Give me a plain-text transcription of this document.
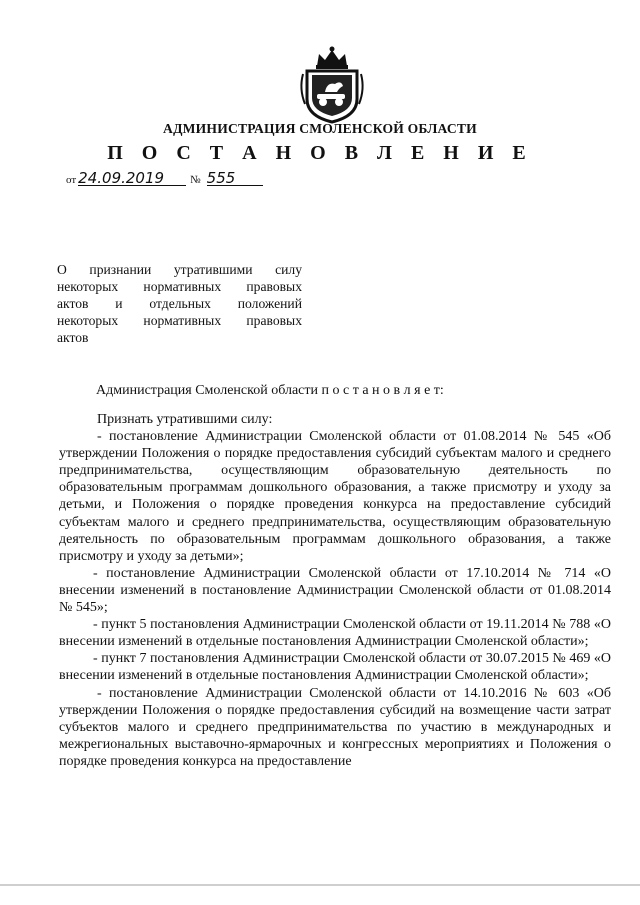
АДМИНИСТРАЦИЯ СМОЛЕНСКОЙ ОБЛАСТИ
П О С Т А Н О В Л Е Н И Е
от 24.09.2019 № 555
О признании утратившими силу
некоторых нормативных правовых
актов и отдельных положений
некоторых нормативных правовых
актов
Администрация Смоленской области п о с т а н о в л я е т:

Признать утратившими силу:

- постановление Администрации Смоленской области от 01.08.2014 № 545 «Об утверждении Положения о порядке предоставления субсидий субъектам малого и среднего предпринимательства, осуществляющим образовательную деятельность по образовательным программам дошкольного образования, а также присмотру и уходу за детьми, и Положения о порядке проведения конкурса на предоставление субсидий субъектам малого и среднего предпринимательства, осуществляющим образовательную деятельность по образовательным программам дошкольного образования, а также присмотру и уходу за детьми»;

- постановление Администрации Смоленской области от 17.10.2014 № 714 «О внесении изменений в постановление Администрации Смоленской области от 01.08.2014 № 545»;

- пункт 5 постановления Администрации Смоленской области от 19.11.2014 № 788 «О внесении изменений в отдельные постановления Администрации Смоленской области»;

- пункт 7 постановления Администрации Смоленской области от 30.07.2015 № 469 «О внесении изменений в отдельные постановления Администрации Смоленской области»;

- постановление Администрации Смоленской области от 14.10.2016 № 603 «Об утверждении Положения о порядке предоставления субсидий на возмещение части затрат субъектов малого и среднего предпринимательства по участию в международных и межрегиональных выставочно-ярмарочных и конгрессных мероприятиях и Положения о порядке проведения конкурса на предоставление
